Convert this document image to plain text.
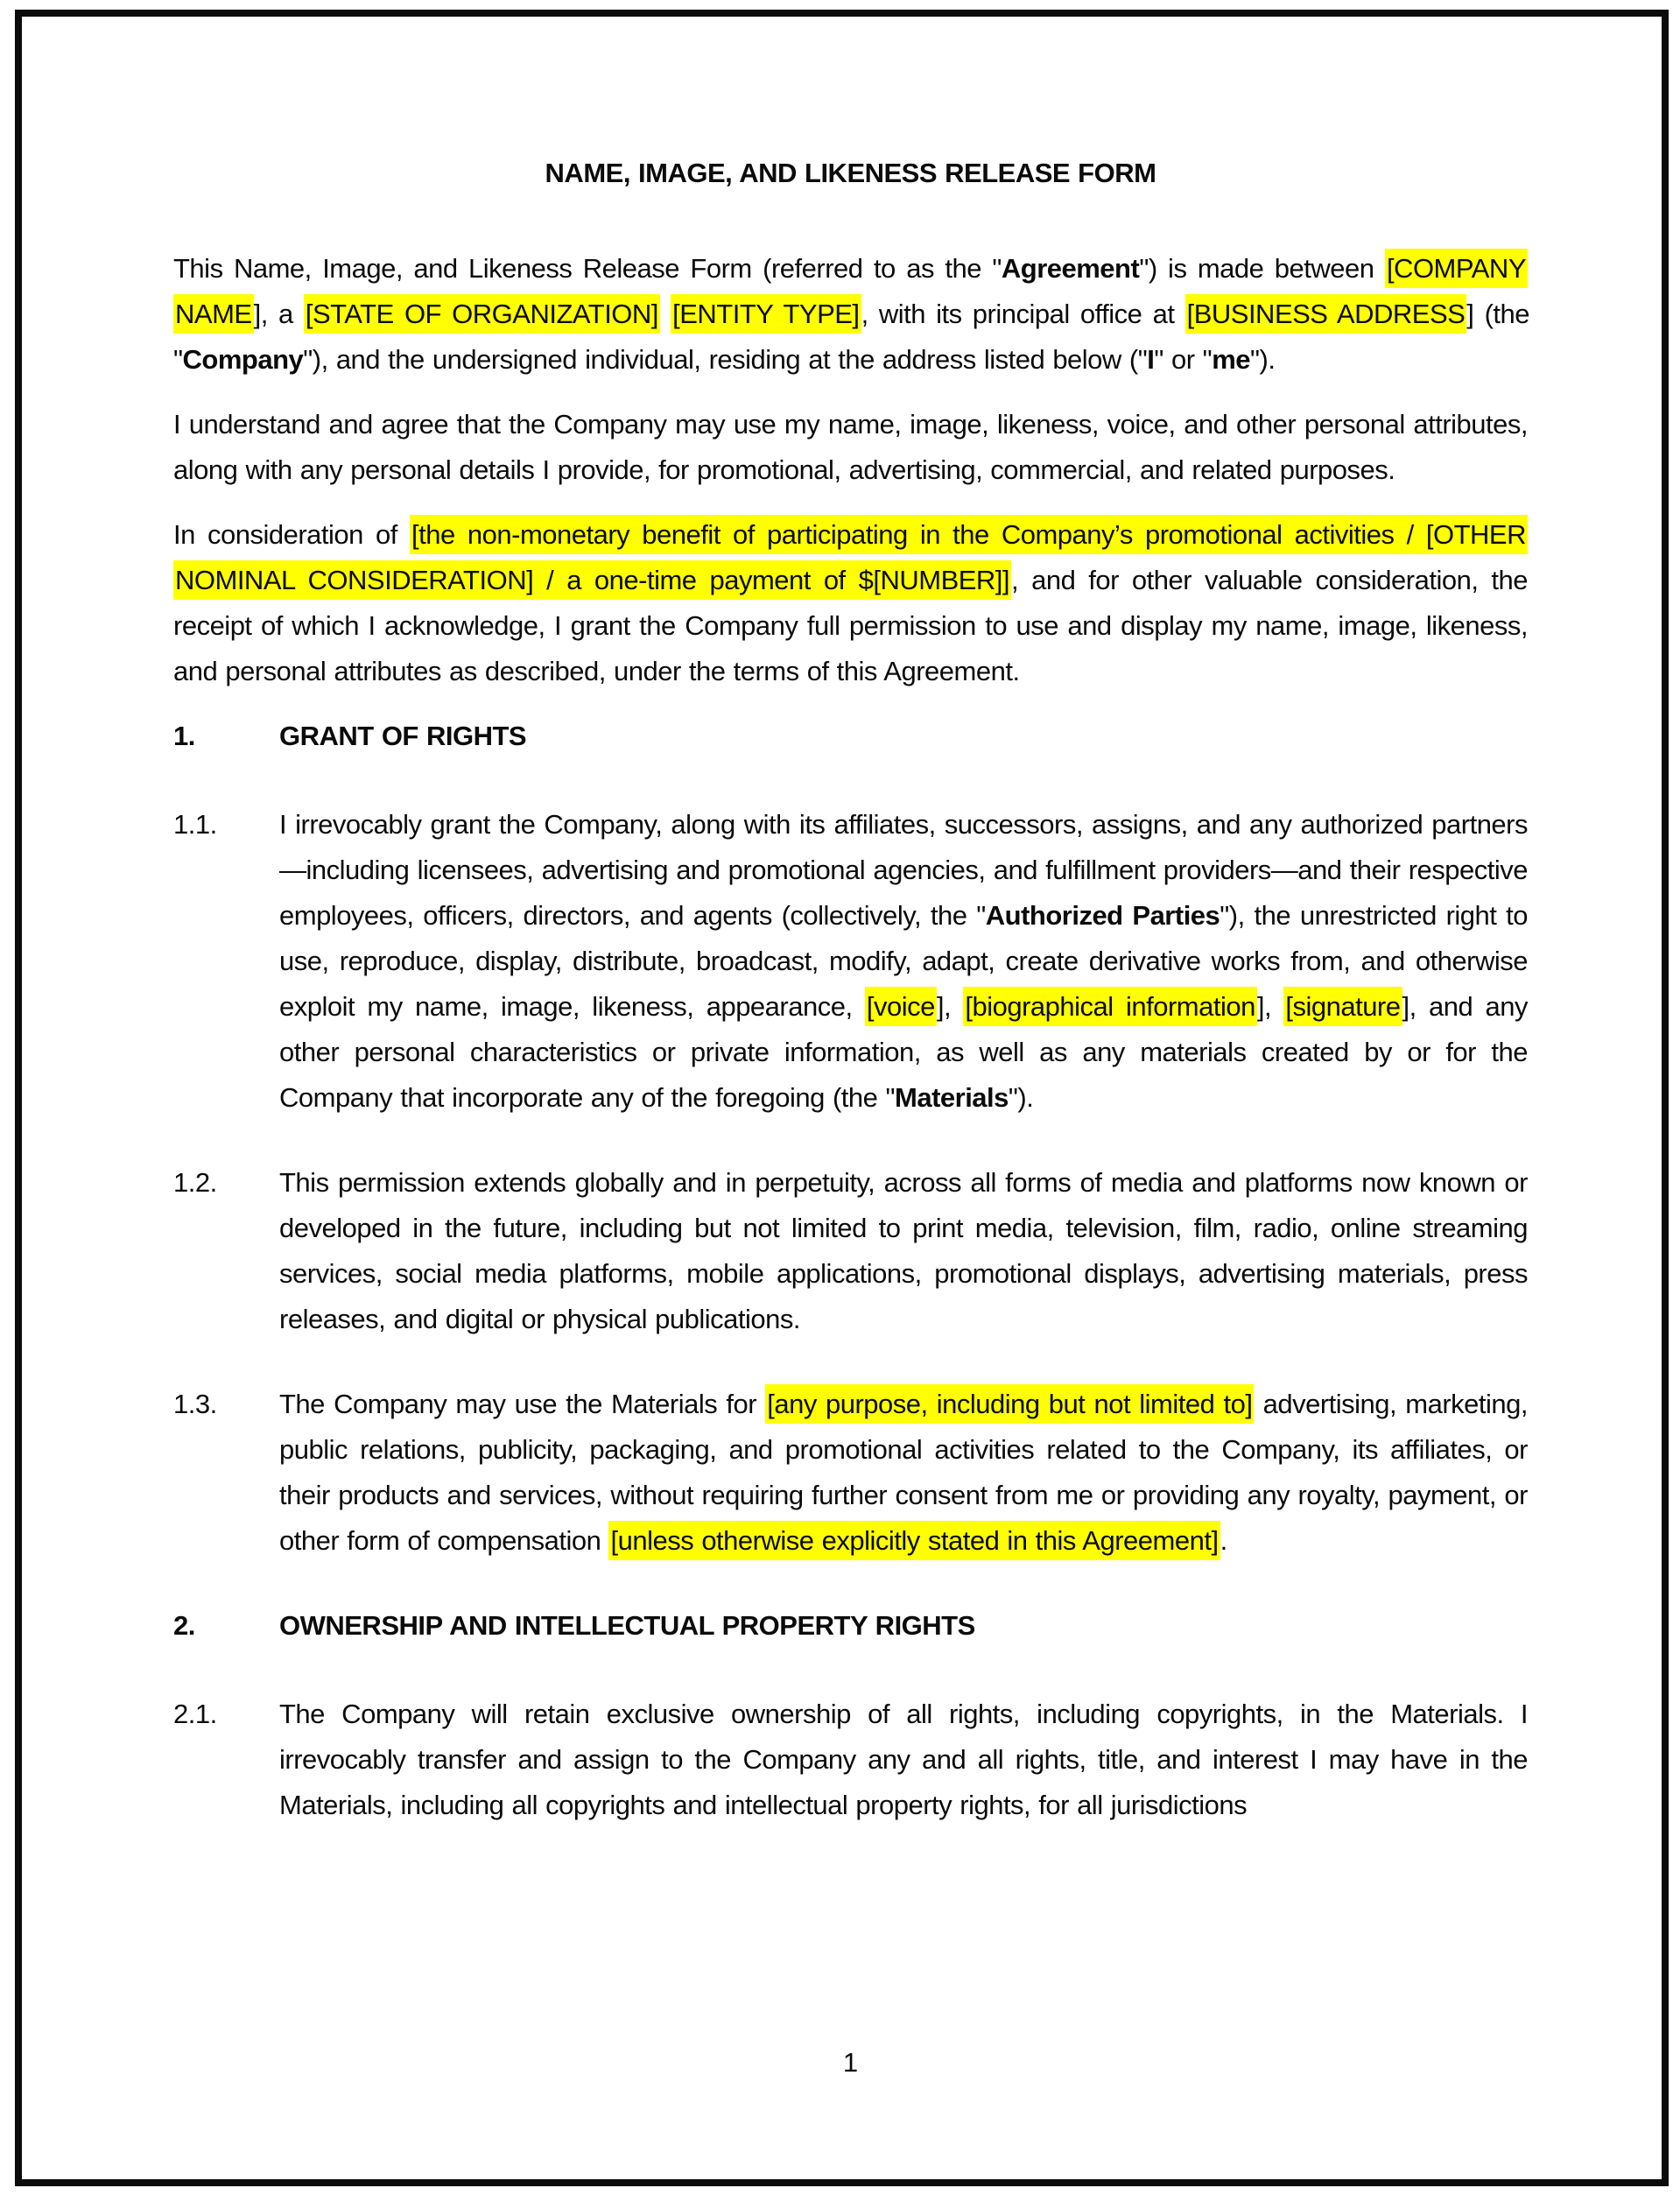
NAME, IMAGE, AND LIKENESS RELEASE FORM
This Name, Image, and Likeness Release Form (referred to as the "Agreement") is made between [COMPANY NAME], a [STATE OF ORGANIZATION] [ENTITY TYPE], with its principal office at [BUSINESS ADDRESS] (the "Company"), and the undersigned individual, residing at the address listed below ("I" or "me").
I understand and agree that the Company may use my name, image, likeness, voice, and other personal attributes, along with any personal details I provide, for promotional, advertising, commercial, and related purposes.
In consideration of [the non-monetary benefit of participating in the Company’s promotional activities / [OTHER NOMINAL CONSIDERATION] / a one-time payment of $[NUMBER]], and for other valuable consideration, the receipt of which I acknowledge, I grant the Company full permission to use and display my name, image, likeness, and personal attributes as described, under the terms of this Agreement.
1.	GRANT OF RIGHTS
1.1.	I irrevocably grant the Company, along with its affiliates, successors, assigns, and any authorized partners—including licensees, advertising and promotional agencies, and fulfillment providers—and their respective employees, officers, directors, and agents (collectively, the "Authorized Parties"), the unrestricted right to use, reproduce, display, distribute, broadcast, modify, adapt, create derivative works from, and otherwise exploit my name, image, likeness, appearance, [voice], [biographical information], [signature], and any other personal characteristics or private information, as well as any materials created by or for the Company that incorporate any of the foregoing (the "Materials").
1.2.	This permission extends globally and in perpetuity, across all forms of media and platforms now known or developed in the future, including but not limited to print media, television, film, radio, online streaming services, social media platforms, mobile applications, promotional displays, advertising materials, press releases, and digital or physical publications.
1.3.	The Company may use the Materials for [any purpose, including but not limited to] advertising, marketing, public relations, publicity, packaging, and promotional activities related to the Company, its affiliates, or their products and services, without requiring further consent from me or providing any royalty, payment, or other form of compensation [unless otherwise explicitly stated in this Agreement].
2.	OWNERSHIP AND INTELLECTUAL PROPERTY RIGHTS
2.1.	The Company will retain exclusive ownership of all rights, including copyrights, in the Materials. I irrevocably transfer and assign to the Company any and all rights, title, and interest I may have in the Materials, including all copyrights and intellectual property rights, for all jurisdictions
1
